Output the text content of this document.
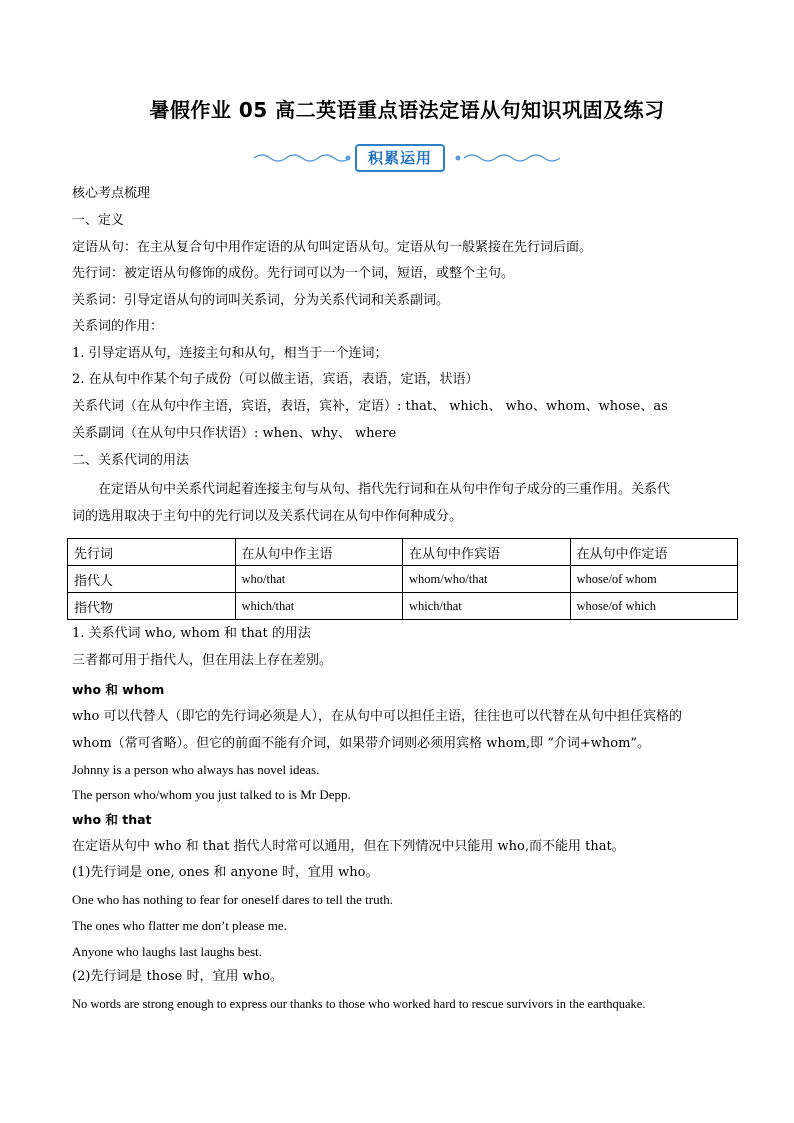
暑假作业 05 高二英语重点语法定语从句知识巩固及练习
积累运用
核心考点梳理
一、定义
定语从句：在主从复合句中用作定语的从句叫定语从句。定语从句一般紧接在先行词后面。
先行词：被定语从句修饰的成份。先行词可以为一个词，短语，或整个主句。
关系词：引导定语从句的词叫关系词，分为关系代词和关系副词。
关系词的作用：
1. 引导定语从句，连接主句和从句，相当于一个连词；
2. 在从句中作某个句子成份（可以做主语，宾语，表语，定语，状语）
关系代词（在从句中作主语，宾语，表语，宾补，定语）: that、 which、 who、whom、whose、as
关系副词（在从句中只作状语）: when、why、 where
二、关系代词的用法
在定语从句中关系代词起着连接主句与从句、指代先行词和在从句中作句子成分的三重作用。关系代
词的选用取决于主句中的先行词以及关系代词在从句中作何种成分。
先行词	在从句中作主语	在从句中作宾语	在从句中作定语
指代人	who/that	whom/who/that	whose/of whom
指代物	which/that	which/that	whose/of which
1. 关系代词 who, whom 和 that 的用法
三者都可用于指代人，但在用法上存在差别。
who 和 whom
who 可以代替人（即它的先行词必须是人），在从句中可以担任主语，往往也可以代替在从句中担任宾格的
whom（常可省略）。但它的前面不能有介词，如果带介词则必须用宾格 whom,即 “介词+whom”。
Johnny is a person who always has novel ideas.
The person who/whom you just talked to is Mr Depp.
who 和 that
在定语从句中 who 和 that 指代人时常可以通用，但在下列情况中只能用 who,而不能用 that。
(1)先行词是 one, ones 和 anyone 时，宜用 who。
One who has nothing to fear for oneself dares to tell the truth.
The ones who flatter me don’t please me.
Anyone who laughs last laughs best.
(2)先行词是 those 时，宜用 who。
No words are strong enough to express our thanks to those who worked hard to rescue survivors in the earthquake.
